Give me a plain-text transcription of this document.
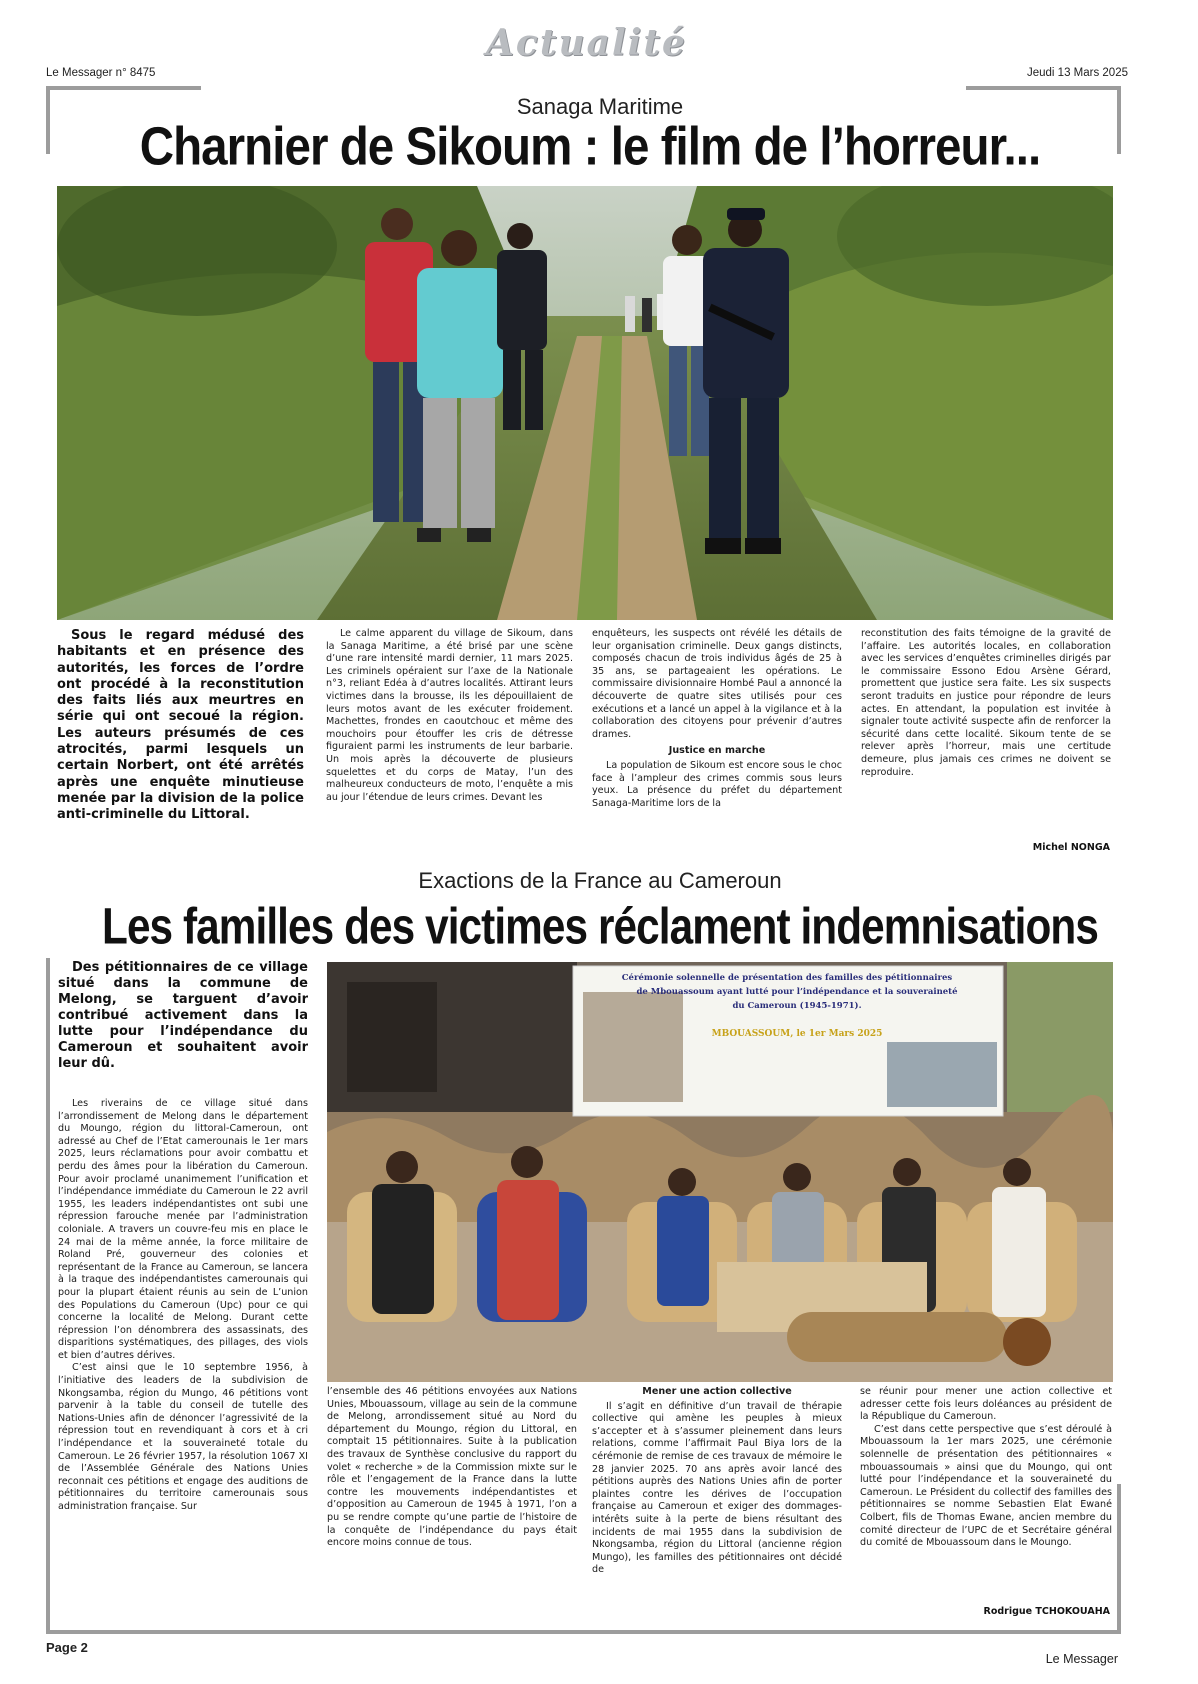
Le Messager n° 8475
Actualité
Jeudi 13 Mars 2025
Sanaga Maritime
Charnier de Sikoum : le film de l’horreur...
Sous le regard médusé des habitants et en présence des autorités, les forces de l’ordre ont procédé à la reconstitution des faits liés aux meurtres en série qui ont secoué la région. Les auteurs présumés de ces atrocités, parmi lesquels un certain Norbert, ont été arrêtés après une enquête minutieuse menée par la division de la police anti-criminelle du Littoral.

Le calme apparent du village de Sikoum, dans la Sanaga Maritime, a été brisé par une scène d’une rare intensité mardi dernier, 11 mars 2025. Les criminels opéraient sur l’axe de la Nationale n°3, reliant Edéa à d’autres localités. Attirant leurs victimes dans la brousse, ils les dépouillaient de leurs motos avant de les exécuter froidement. Machettes, frondes en caoutchouc et même des mouchoirs pour étouffer les cris de détresse figuraient parmi les instruments de leur barbarie. Un mois après la découverte de plusieurs squelettes et du corps de Matay, l’un des malheureux conducteurs de moto, l’enquête a mis au jour l’étendue de leurs crimes. Devant les

enquêteurs, les suspects ont révélé les détails de leur organisation criminelle. Deux gangs distincts, composés chacun de trois individus âgés de 25 à 35 ans, se partageaient les opérations. Le commissaire divisionnaire Hombé Paul a annoncé la découverte de quatre sites utilisés pour ces exécutions et a lancé un appel à la vigilance et à la collaboration des citoyens pour prévenir d’autres drames.

Justice en marche

La population de Sikoum est encore sous le choc face à l’ampleur des crimes commis sous leurs yeux. La présence du préfet du département Sanaga-Maritime lors de la

reconstitution des faits témoigne de la gravité de l’affaire. Les autorités locales, en collaboration avec les services d’enquêtes criminelles dirigés par le commissaire Essono Edou Arsène Gérard, promettent que justice sera faite. Les six suspects seront traduits en justice pour répondre de leurs actes. En attendant, la population est invitée à signaler toute activité suspecte afin de renforcer la sécurité dans cette localité. Sikoum tente de se relever après l’horreur, mais une certitude demeure, plus jamais ces crimes ne doivent se reproduire.

Michel NONGA
Exactions de la France au Cameroun
Les familles des victimes réclament indemnisations
Des pétitionnaires de ce village situé dans la commune de Melong, se targuent d’avoir contribué activement dans la lutte pour l’indépendance du Cameroun et souhaitent avoir leur dû.

Les riverains de ce village situé dans l’arrondissement de Melong dans le département du Moungo, région du littoral-Cameroun, ont adressé au Chef de l’Etat camerounais le 1er mars 2025, leurs réclamations pour avoir combattu et perdu des âmes pour la libération du Cameroun. Pour avoir proclamé unanimement l’unification et l’indépendance immédiate du Cameroun le 22 avril 1955, les leaders indépendantistes ont subi une répression farouche menée par l’administration coloniale. A travers un couvre-feu mis en place le 24 mai de la même année, la force militaire de Roland Pré, gouverneur des colonies et représentant de la France au Cameroun, se lancera à la traque des indépendantistes camerounais qui pour la plupart étaient réunis au sein de L’union des Populations du Cameroun (Upc) pour ce qui concerne la localité de Melong. Durant cette répression l’on dénombrera des assassinats, des disparitions systématiques, des pillages, des viols et bien d’autres dérives.

C’est ainsi que le 10 septembre 1956, à l’initiative des leaders de la subdivision de Nkongsamba, région du Mungo, 46 pétitions vont parvenir à la table du conseil de tutelle des Nations-Unies afin de dénoncer l’agressivité de la répression tout en revendiquant à cors et à cri l’indépendance et la souveraineté totale du Cameroun. Le 26 février 1957, la résolution 1067 XI de l’Assemblée Générale des Nations Unies reconnait ces pétitions et engage des auditions de pétitionnaires du territoire camerounais sous administration française. Sur

Cérémonie solennelle de présentation des familles des pétitionnaires
de Mbouassoum ayant lutté pour l’indépendance et la souveraineté
du Cameroun (1945-1971).
MBOUASSOUM, le 1er Mars 2025

l’ensemble des 46 pétitions envoyées aux Nations Unies, Mbouassoum, village au sein de la commune de Melong, arrondissement situé au Nord du département du Moungo, région du Littoral, en comptait 15 pétitionnaires. Suite à la publication des travaux de Synthèse conclusive du rapport du volet « recherche » de la Commission mixte sur le rôle et l’engagement de la France dans la lutte contre les mouvements indépendantistes et d’opposition au Cameroun de 1945 à 1971, l’on a pu se rendre compte qu’une partie de l’histoire de la conquête de l’indépendance du pays était encore moins connue de tous.

Mener une action collective

Il s’agit en définitive d’un travail de thérapie collective qui amène les peuples à mieux s’accepter et à s’assumer pleinement dans leurs relations, comme l’affirmait Paul Biya lors de la cérémonie de remise de ces travaux de mémoire le 28 janvier 2025. 70 ans après avoir lancé des pétitions auprès des Nations Unies afin de porter plaintes contre les dérives de l’occupation française au Cameroun et exiger des dommages-intérêts suite à la perte de biens résultant des incidents de mai 1955 dans la subdivision de Nkongsamba, région du Littoral (ancienne région Mungo), les familles des pétitionnaires ont décidé de

se réunir pour mener une action collective et adresser cette fois leurs doléances au président de la République du Cameroun.

C’est dans cette perspective que s’est déroulé à Mbouassoum la 1er mars 2025, une cérémonie solennelle de présentation des pétitionnaires « mbouassoumais » ainsi que du Moungo, qui ont lutté pour l’indépendance et la souveraineté du Cameroun. Le Président du collectif des familles des pétitionnaires se nomme Sebastien Elat Ewané Colbert, fils de Thomas Ewane, ancien membre du comité directeur de l’UPC de et Secrétaire général du comité de Mbouassoum dans le Moungo.

Rodrigue TCHOKOUAHA
Page 2
Le Messager
